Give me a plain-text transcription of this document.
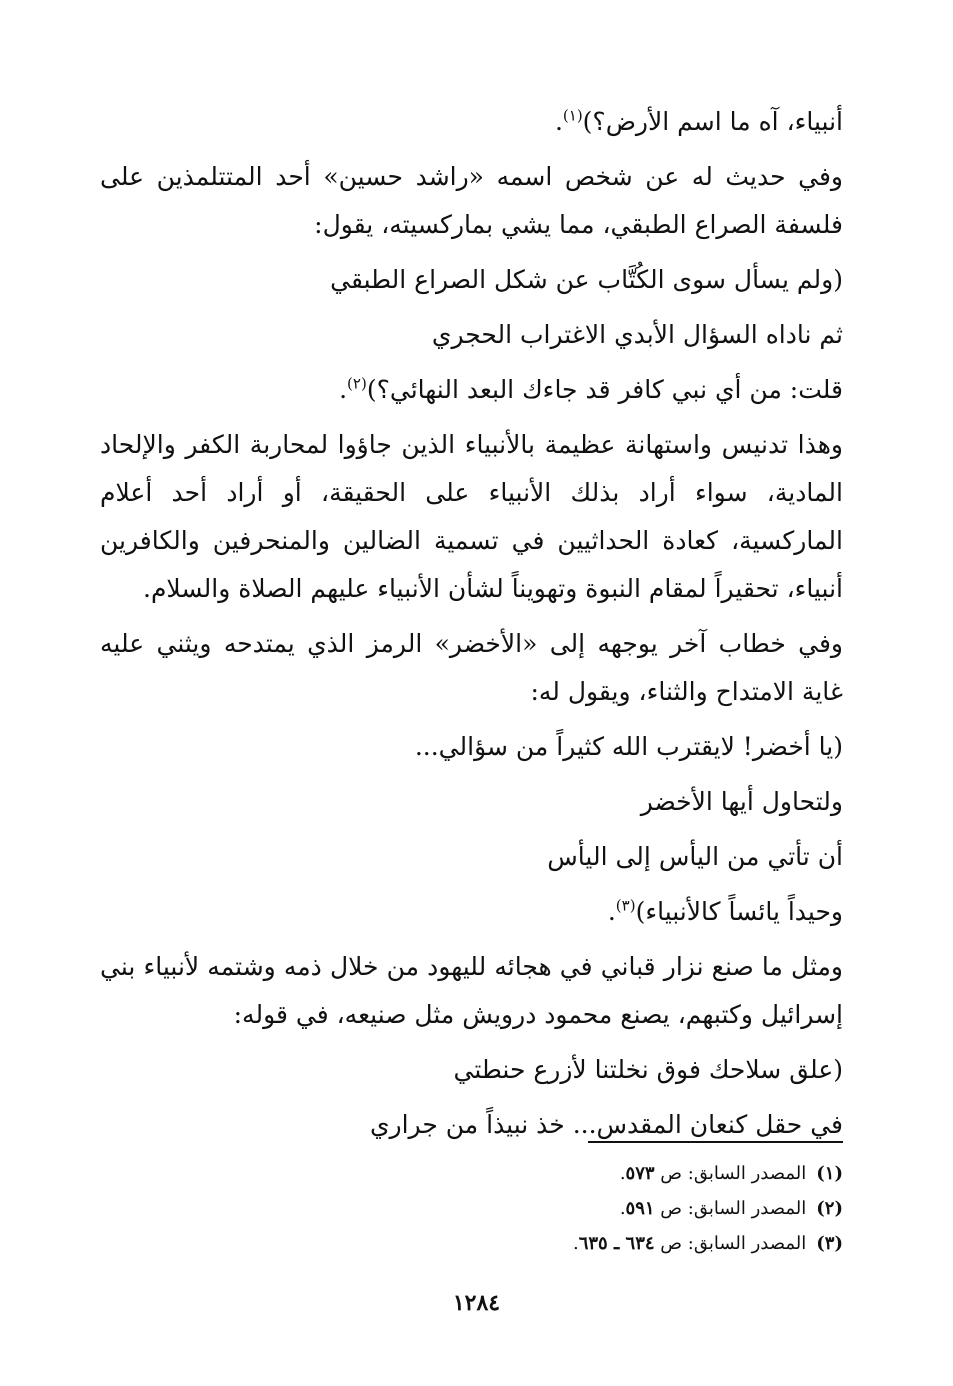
أنبياء، آه ما اسم الأرض؟)$^{(١)}$.

وفي حديث له عن شخص اسمه «راشد حسين» أحد المتتلمذين على فلسفة الصراع الطبقي، مما يشي بماركسيته، يقول:

(ولم يسأل سوى الكُتَّاب عن شكل الصراع الطبقي

ثم ناداه السؤال الأبدي الاغتراب الحجري

قلت: من أي نبي كافر قد جاءك البعد النهائي؟)$^{(٢)}$.

وهذا تدنيس واستهانة عظيمة بالأنبياء الذين جاؤوا لمحاربة الكفر والإلحاد المادية، سواء أراد بذلك الأنبياء على الحقيقة، أو أراد أحد أعلام الماركسية، كعادة الحداثيين في تسمية الضالين والمنحرفين والكافرين أنبياء، تحقيراً لمقام النبوة وتهويناً لشأن الأنبياء عليهم الصلاة والسلام.

وفي خطاب آخر يوجهه إلى «الأخضر» الرمز الذي يمتدحه ويثني عليه غاية الامتداح والثناء، ويقول له:

(يا أخضر! لايقترب الله كثيراً من سؤالي...

ولتحاول أيها الأخضر

أن تأتي من اليأس إلى اليأس

وحيداً يائساً كالأنبياء)$^{(٣)}$.

ومثل ما صنع نزار قباني في هجائه لليهود من خلال ذمه وشتمه لأنبياء بني إسرائيل وكتبهم، يصنع محمود درويش مثل صنيعه، في قوله:

(علق سلاحك فوق نخلتنا لأزرع حنطتي

في حقل كنعان المقدس... خذ نبيذاً من جراري

(١)المصدر السابق: ص ٥٧٣.

(٢)المصدر السابق: ص ٥٩١.

(٣)المصدر السابق: ص ٦٣٤ ـ ٦٣٥.

١٢٨٤
